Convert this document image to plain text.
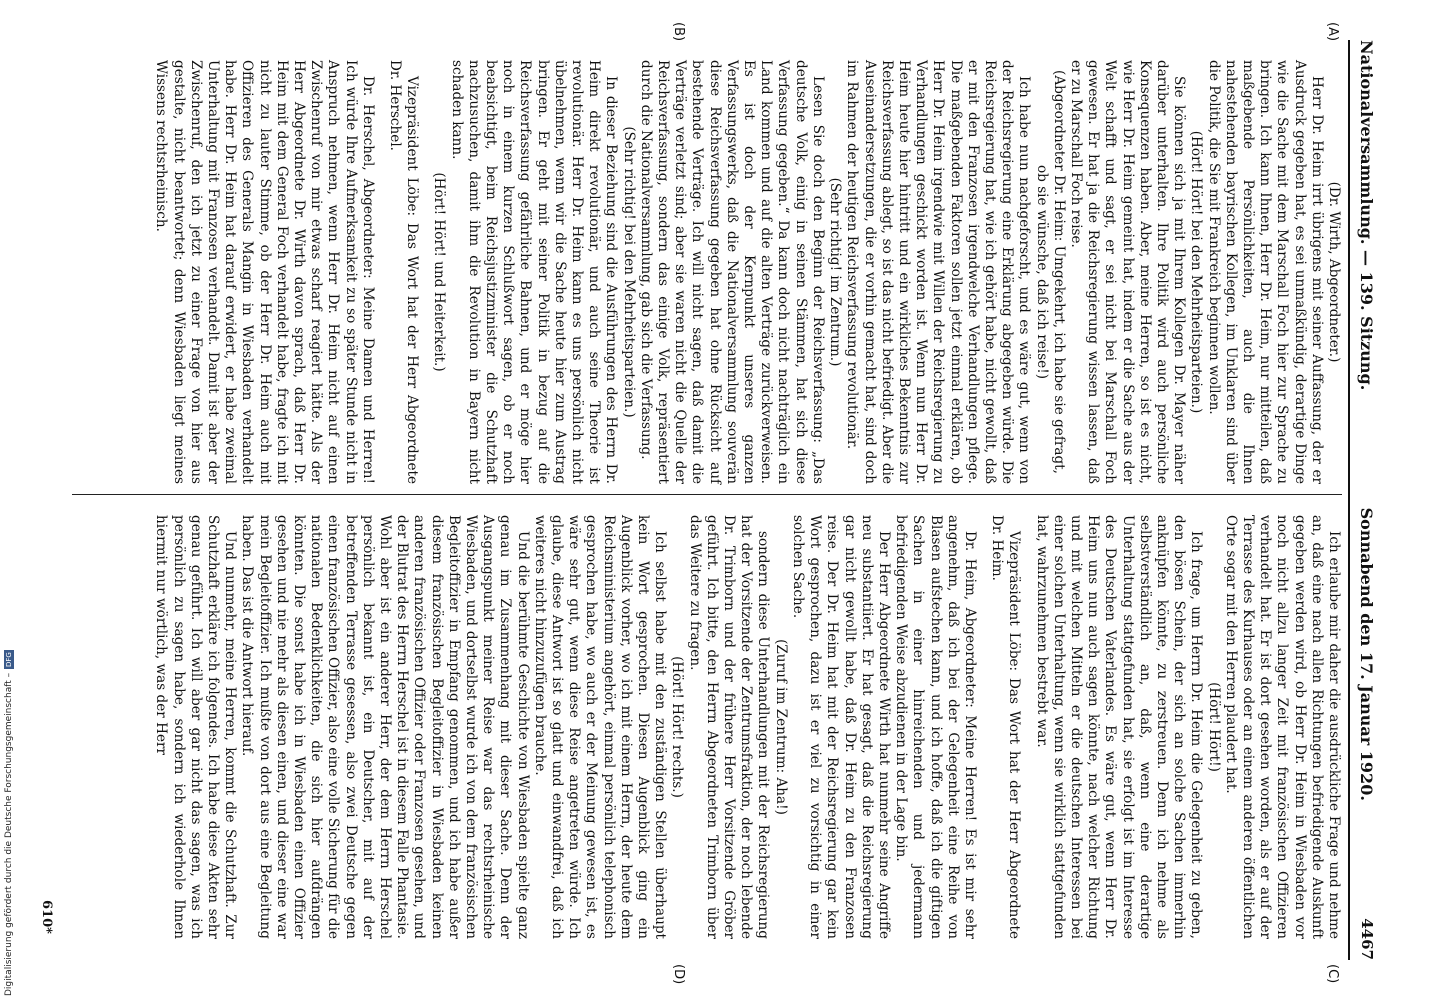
Nationalversammlung. — 139. Sitzung.
Sonnabend den 17. Januar 1920.
4467
(A)
(B)
(C)
(D)

(Dr. Wirth, Abgeordneter.)

Herr Dr. Heim irrt übrigens mit seiner Auffassung, der er Ausdruck gegeben hat, es sei unmaßkündig, derartige Dinge wie die Sache mit dem Marschall Foch hier zur Sprache zu bringen. Ich kann Ihnen, Herr Dr. Heim, nur mitteilen, daß maßgebende Persönlichkeiten, auch die Ihnen nahestehenden bayrischen Kollegen, im Unklaren sind über die Politik, die Sie mit Frankreich beginnen wollen.

(Hört! Hört! bei den Mehrheitsparteien.)

Sie können sich ja mit Ihrem Kollegen Dr. Mayer näher darüber unterhalten. Ihre Politik wird auch persönliche Konsequenzen haben. Aber, meine Herren, so ist es nicht, wie Herr Dr. Heim gemeint hat, indem er die Sache aus der Welt schafft und sagt, er sei nicht bei Marschall Foch gewesen. Er hat ja die Reichsregierung wissen lassen, daß er zu Marschall Foch reise.

(Abgeordneter Dr. Heim: Umgekehrt, ich habe sie gefragt, ob sie wünsche, daß ich reise!)

Ich habe nun nachgeforscht, und es wäre gut, wenn von der Reichsregierung eine Erklärung abgegeben würde. Die Reichsregierung hat, wie ich gehört habe, nicht gewollt, daß er mit den Franzosen irgendwelche Verhandlungen pflege. Die maßgebenden Faktoren sollen jetzt einmal erklären, ob Herr Dr. Heim irgendwie mit Willen der Reichsregierung zu Verhandlungen geschickt worden ist. Wenn nun Herr Dr. Heim heute hier hintritt und ein wirkliches Bekenntnis zur Reichsverfassung ablegt, so ist das nicht befriedigt. Aber die Auseinandersetzungen, die er vorhin gemacht hat, sind doch im Rahmen der heutigen Reichsverfassung revolutionär.

(Sehr richtig! im Zentrum.)

Lesen Sie doch den Beginn der Reichsverfassung: „Das deutsche Volk, einig in seinen Stämmen, hat sich diese Verfassung gegeben.“ Da kann doch nicht nachträglich ein Land kommen und auf die alten Verträge zurückverweisen. Es ist doch der Kernpunkt unseres ganzen Verfassungswerks, daß die Nationalversammlung souverän diese Reichsverfassung gegeben hat ohne Rücksicht auf bestehende Verträge. Ich will nicht sagen, daß damit die Verträge verletzt sind; aber sie waren nicht die Quelle der Reichsverfassung, sondern das einige Volk, repräsentiert durch die Nationalversammlung, gab sich die Verfassung.

(Sehr richtig! bei den Mehrheitsparteien.)

In dieser Beziehung sind die Ausführungen des Herrn Dr. Heim direkt revolutionär, und auch seine Theorie ist revolutionär. Herr Dr. Heim kann es uns persönlich nicht übelnehmen, wenn wir die Sache heute hier zum Austrag bringen. Er geht mit seiner Politik in bezug auf die Reichsverfassung gefährliche Bahnen, und er möge hier noch in einem kurzen Schlußwort sagen, ob er noch beabsichtigt, beim Reichsjustizminister die Schutzhaft nachzusuchen, damit ihm die Revolution in Bayern nicht schaden kann.

(Hört! Hört! und Heiterkeit.)

Vizepräsident Löbe: Das Wort hat der Herr Abgeordnete Dr. Herschel.

Dr. Herschel, Abgeordneter: Meine Damen und Herren! Ich würde Ihre Aufmerksamkeit zu so später Stunde nicht in Anspruch nehmen, wenn Herr Dr. Heim nicht auf einen Zwischenruf von mir etwas scharf reagiert hätte. Als der Herr Abgeordnete Dr. Wirth davon sprach, daß Herr Dr. Heim mit dem General Foch verhandelt habe, fragte ich mit nicht zu lauter Stimme, ob der Herr Dr. Heim auch mit Offizieren des Generals Mangin in Wiesbaden verhandelt habe. Herr Dr. Heim hat darauf erwidert, er habe zweimal Unterhaltung mit Franzosen verhandelt. Damit ist aber der Zwischenruf, den ich jetzt zu einer Frage von hier aus gestalte, nicht beantwortet; denn Wiesbaden liegt meines Wissens rechtsrheinisch.

Ich erlaube mir daher die ausdrückliche Frage und nehme an, daß eine nach allen Richtungen befriedigende Auskunft gegeben werden wird, ob Herr Dr. Heim in Wiesbaden vor noch nicht allzu langer Zeit mit französischen Offizieren verhandelt hat. Er ist dort gesehen worden, als er auf der Terrasse des Kurhauses oder an einem anderen öffentlichen Orte sogar mit den Herren plaudert hat.

(Hört! Hört!)

Ich frage, um Herrn Dr. Heim die Gelegenheit zu geben, den bösen Schein, der sich an solche Sachen immerhin anknüpfen könnte, zu zerstreuen. Denn ich nehme als selbstverständlich an, daß, wenn eine derartige Unterhaltung stattgefunden hat, sie erfolgt ist im Interesse des Deutschen Vaterlandes. Es wäre gut, wenn Herr Dr. Heim uns nun auch sagen könnte, nach welcher Richtung und mit welchen Mitteln er die deutschen Interessen bei einer solchen Unterhaltung, wenn sie wirklich stattgefunden hat, wahrzunehmen bestrebt war.

Vizepräsident Löbe: Das Wort hat der Herr Abgeordnete Dr. Heim.

Dr. Heim, Abgeordneter: Meine Herren! Es ist mir sehr angenehm, daß ich bei der Gelegenheit eine Reihe von Blasen aufstechen kann, und ich hoffe, daß ich die giftigen Sachen in einer hinreichenden und jedermann befriedigenden Weise abzudienen in der Lage bin.

Der Herr Abgeordnete Wirth hat nunmehr seine Angriffe neu substantiiert. Er hat gesagt, daß die Reichsregierung gar nicht gewollt habe, daß Dr. Heim zu den Franzosen reise. Der Dr. Heim hat mit der Reichsregierung gar kein Wort gesprochen, dazu ist er viel zu vorsichtig in einer solchen Sache.

(Zuruf im Zentrum: Aha!)

sondern diese Unterhandlungen mit der Reichsregierung hat der Vorsitzende der Zentrumsfraktion, der noch lebende Dr. Trimborn und der frühere Herr Vorsitzende Gröber geführt. Ich bitte, den Herrn Abgeordneten Trimborn über das Weitere zu fragen.

(Hört! Hört! rechts.)

Ich selbst habe mit den zuständigen Stellen überhaupt kein Wort gesprochen. Diesen Augenblick ging ein Augenblick vorher, wo ich mit einem Herrn, der heute dem Reichsministerium angehört, einmal persönlich telephonisch gesprochen habe, wo auch er der Meinung gewesen ist, es wäre sehr gut, wenn diese Reise angetreten würde. Ich glaube, diese Antwort ist so glatt und einwandfrei, daß ich weiteres nicht hinzuzufügen brauche.

Und die berühmte Geschichte von Wiesbaden spielte ganz genau im Zusammenhang mit dieser Sache. Denn der Ausgangspunkt meiner Reise war das rechtsrheinische Wiesbaden, und dortselbst wurde ich von dem französischen Begleitoffizier in Empfang genommen, und ich habe außer diesem französischen Begleitoffizier in Wiesbaden keinen anderen französischen Offizier oder Franzosen gesehen, und der Blutrat des Herrn Herschel ist in diesem Falle Phantasie. Wohl aber ist ein anderer Herr, der dem Herrn Herschel persönlich bekannt ist, ein Deutscher, mit auf der betreffenden Terrasse gesessen, also zwei Deutsche gegen einen französischen Offizier, also eine volle Sicherung für die nationalen Bedenklichkeiten, die sich hier aufdrängen könnten. Die sonst habe ich in Wiesbaden einen Offizier gesehen und nie mehr als diesen einen, und dieser eine war mein Begleitoffizier. Ich mußte von dort aus eine Begleitung haben. Das ist die Antwort hierauf.

Und nunmehr, meine Herren, kommt die Schutzhaft. Zur Schutzhaft erkläre ich folgendes. Ich habe diese Akten sehr genau geführt. Ich will aber gar nicht das sagen, was ich persönlich zu sagen habe, sondern ich wiederhole Ihnen hiermit nur wörtlich, was der Herr

610*
Digitalisierung gefördert durch die Deutsche Forschungsgemeinschaft –
DFG
